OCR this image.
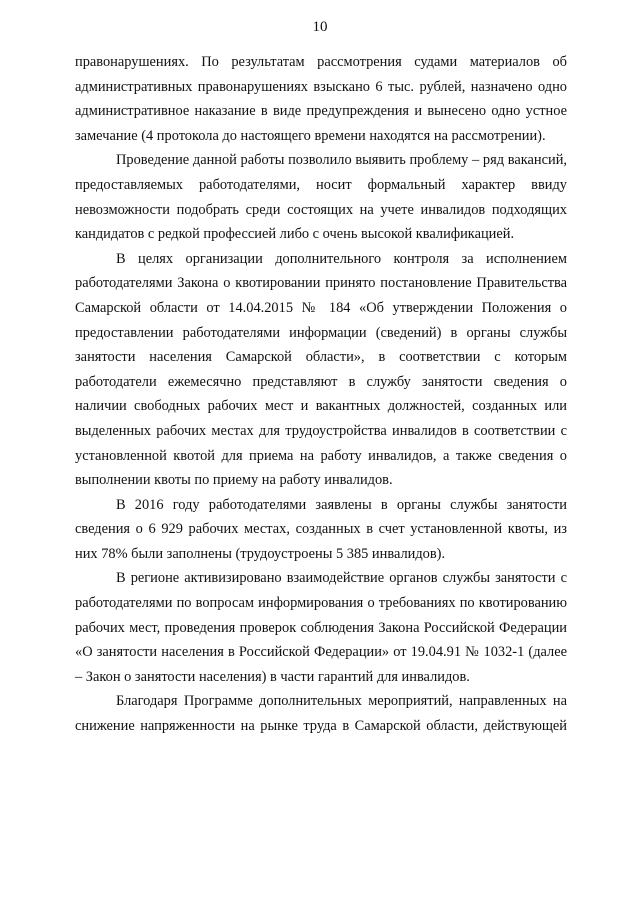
10

правонарушениях. По результатам рассмотрения судами материалов об административных правонарушениях взыскано 6 тыс. рублей, назначено одно административное наказание в виде предупреждения и вынесено одно устное замечание (4 протокола до настоящего времени находятся на рассмотрении).

Проведение данной работы позволило выявить проблему – ряд вакансий, предоставляемых работодателями, носит формальный характер ввиду невозможности подобрать среди состоящих на учете инвалидов подходящих кандидатов с редкой профессией либо с очень высокой квалификацией.

В целях организации дополнительного контроля за исполнением работодателями Закона о квотировании принято постановление Правительства Самарской области от 14.04.2015 № 184 «Об утверждении Положения о предоставлении работодателями информации (сведений) в органы службы занятости населения Самарской области», в соответствии с которым работодатели ежемесячно представляют в службу занятости сведения о наличии свободных рабочих мест и вакантных должностей, созданных или выделенных рабочих местах для трудоустройства инвалидов в соответствии с установленной квотой для приема на работу инвалидов, а также сведения о выполнении квоты по приему на работу инвалидов.

В 2016 году работодателями заявлены в органы службы занятости сведения о 6 929 рабочих местах, созданных в счет установленной квоты, из них 78% были заполнены (трудоустроены 5 385 инвалидов).

В регионе активизировано взаимодействие органов службы занятости с работодателями по вопросам информирования о требованиях по квотированию рабочих мест, проведения проверок соблюдения Закона Российской Федерации «О занятости населения в Российской Федерации» от 19.04.91 № 1032-1 (далее – Закон о занятости населения) в части гарантий для инвалидов.

Благодаря Программе дополнительных мероприятий, направленных на снижение напряженности на рынке труда в Самарской области, действующей
